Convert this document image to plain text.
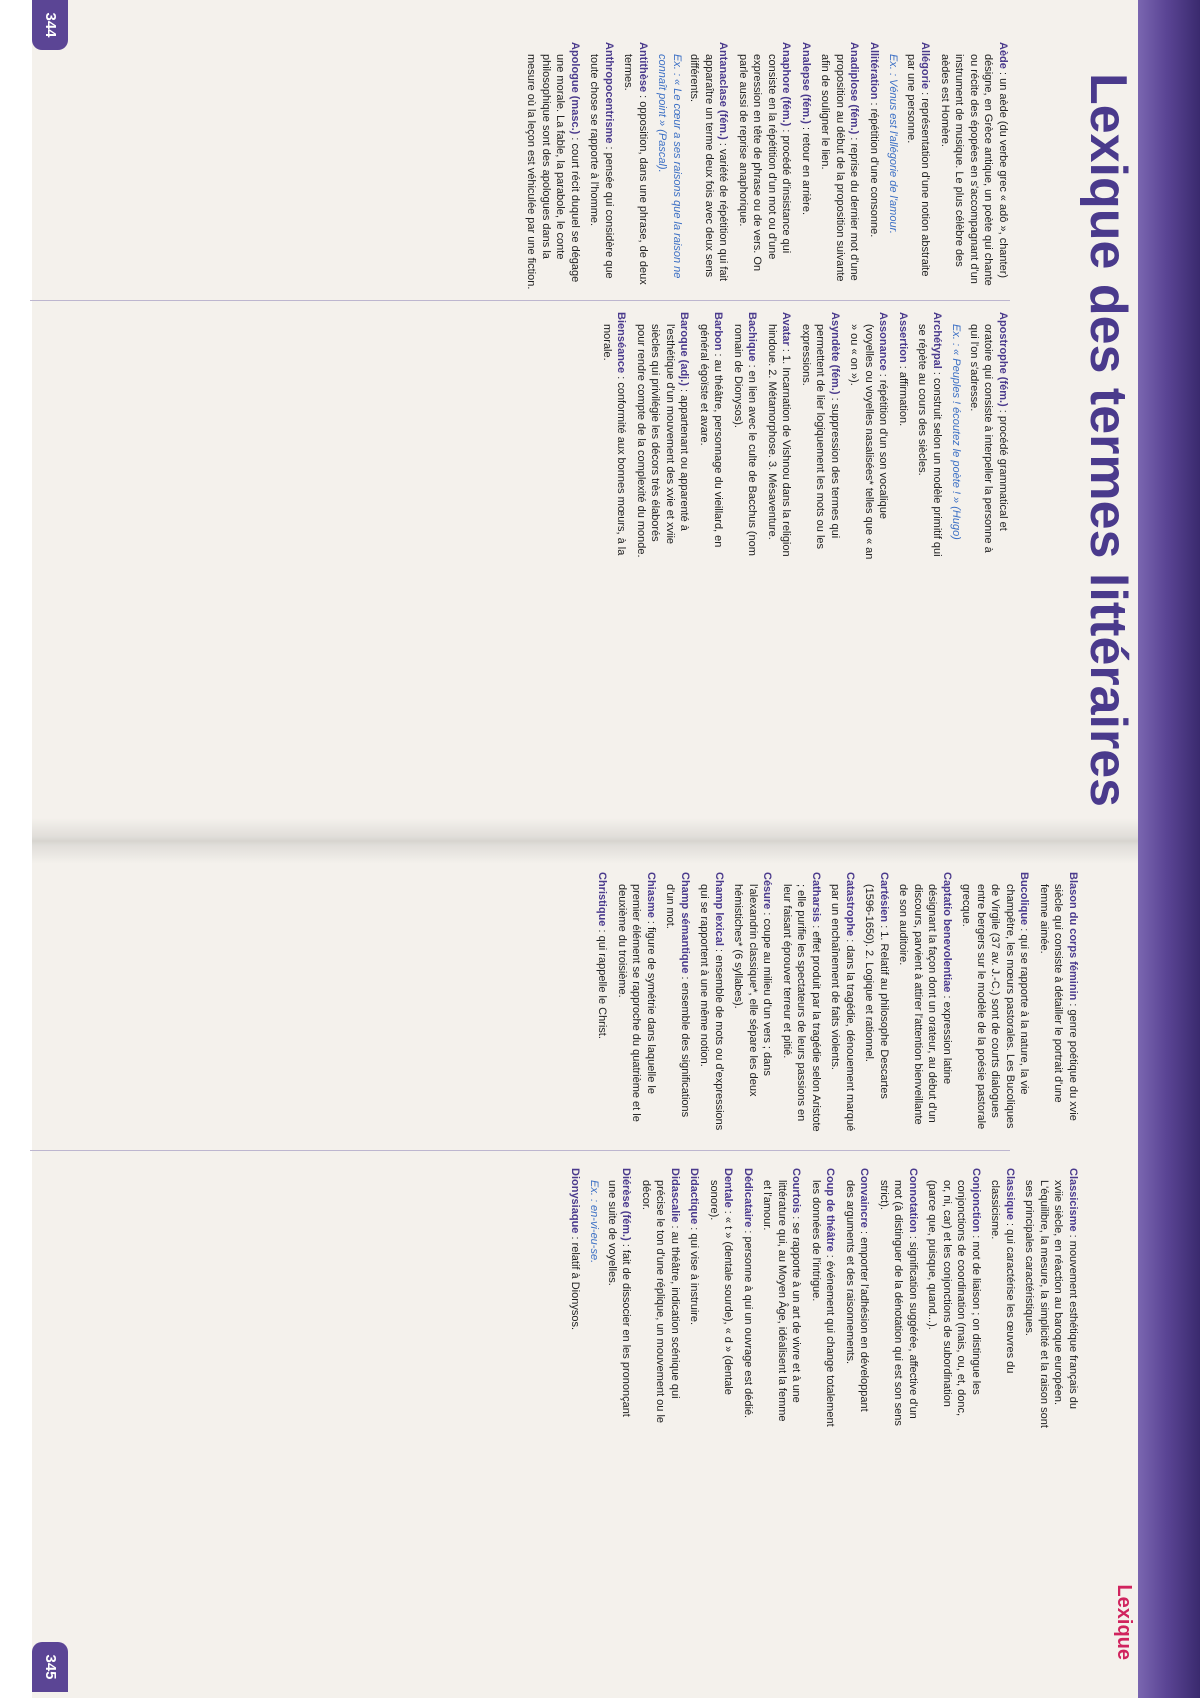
Lexique des termes littéraires
Lexique

Aède : un aède (du verbe grec « adô », chanter) désigne, en Grèce antique, un poète qui chante ou récite des épopées en s'accompagnant d'un instrument de musique. Le plus célèbre des aèdes est Homère.

Allégorie : représentation d'une notion abstraite par une personne.

Ex. : Vénus est l'allégorie de l'amour.

Allitération : répétition d'une consonne.

Anadiplose (fém.) : reprise du dernier mot d'une proposition au début de la proposition suivante afin de souligner le lien.

Analepse (fém.) : retour en arrière.

Anaphore (fém.) : procédé d'insistance qui consiste en la répétition d'un mot ou d'une expression en tête de phrase ou de vers. On parle aussi de reprise anaphorique.

Antanaclase (fém.) : variété de répétition qui fait apparaître un terme deux fois avec deux sens différents.

Ex. : « Le cœur a ses raisons que la raison ne connaît point » (Pascal).

Antithèse : opposition, dans une phrase, de deux termes.

Anthropocentrisme : pensée qui considère que toute chose se rapporte à l'homme.

Apologue (masc.) : court récit duquel se dégage une morale. La fable, la parabole, le conte philosophique sont des apologues dans la mesure où la leçon est véhiculée par une fiction.

Apostrophe (fém.) : procédé grammatical et oratoire qui consiste à interpeller la personne à qui l'on s'adresse.

Ex. : « Peuples ! écoutez le poète ! » (Hugo)

Archétypal : construit selon un modèle primitif qui se répète au cours des siècles.

Assertion : affirmation.

Assonance : répétition d'un son vocalique (voyelles ou voyelles nasalisées* telles que « an » ou « on »).

Asyndète (fém.) : suppression des termes qui permettent de lier logiquement les mots ou les expressions.

Avatar : 1. Incarnation de Vishnou dans la religion hindoue. 2. Métamorphose. 3. Mésaventure.

Bachique : en lien avec le culte de Bacchus (nom romain de Dionysos).

Barbon : au théâtre, personnage du vieillard, en général égoïste et avare.

Baroque (adj.) : appartenant ou apparenté à l'esthétique d'un mouvement des xvie et xviie siècles qui privilégie les décors très élaborés pour rendre compte de la complexité du monde.

Bienséance : conformité aux bonnes mœurs, à la morale.

Blason du corps féminin : genre poétique du xvie siècle qui consiste à détailler le portrait d'une femme aimée.

Bucolique : qui se rapporte à la nature, la vie champêtre, les mœurs pastorales. Les Bucoliques de Virgile (37 av. J.-C.) sont de courts dialogues entre bergers sur le modèle de la poésie pastorale grecque.

Captatio benevolentiae : expression latine désignant la façon dont un orateur, au début d'un discours, parvient à attirer l'attention bienveillante de son auditoire.

Cartésien : 1. Relatif au philosophe Descartes (1596-1650). 2. Logique et rationnel.

Catastrophe : dans la tragédie, dénouement marqué par un enchaînement de faits violents.

Catharsis : effet produit par la tragédie selon Aristote ; elle purifie les spectateurs de leurs passions en leur faisant éprouver terreur et pitié.

Césure : coupe au milieu d'un vers ; dans l'alexandrin classique*, elle sépare les deux hémistiches* (6 syllabes).

Champ lexical : ensemble de mots ou d'expressions qui se rapportent à une même notion.

Champ sémantique : ensemble des significations d'un mot.

Chiasme : figure de symétrie dans laquelle le premier élément se rapproche du quatrième et le deuxième du troisième.

Christique : qui rappelle le Christ.

Classicisme : mouvement esthétique français du xviie siècle, en réaction au baroque européen. L'équilibre, la mesure, la simplicité et la raison sont ses principales caractéristiques.

Classique : qui caractérise les œuvres du classicisme.

Conjonction : mot de liaison ; on distingue les conjonctions de coordination (mais, ou, et, donc, or, ni, car) et les conjonctions de subordination (parce que, puisque, quand...).

Connotation : signification suggérée, affective d'un mot (à distinguer de la dénotation qui est son sens strict).

Convaincre : emporter l'adhésion en développant des arguments et des raisonnements.

Coup de théâtre : événement qui change totalement les données de l'intrigue.

Courtois : se rapporte à un art de vivre et à une littérature qui, au Moyen Âge, idéalisent la femme et l'amour.

Dédicataire : personne à qui un ouvrage est dédié.

Dentale : « t » (dentale sourde), « d » (dentale sonore).

Didactique : qui vise à instruire.

Didascalie : au théâtre, indication scénique qui précise le ton d'une réplique, un mouvement ou le décor.

Diérèse (fém.) : fait de dissocier en les prononçant une suite de voyelles.

Ex. : en-vi-eu-se.

Dionysiaque : relatif à Dionysos.

344
345
